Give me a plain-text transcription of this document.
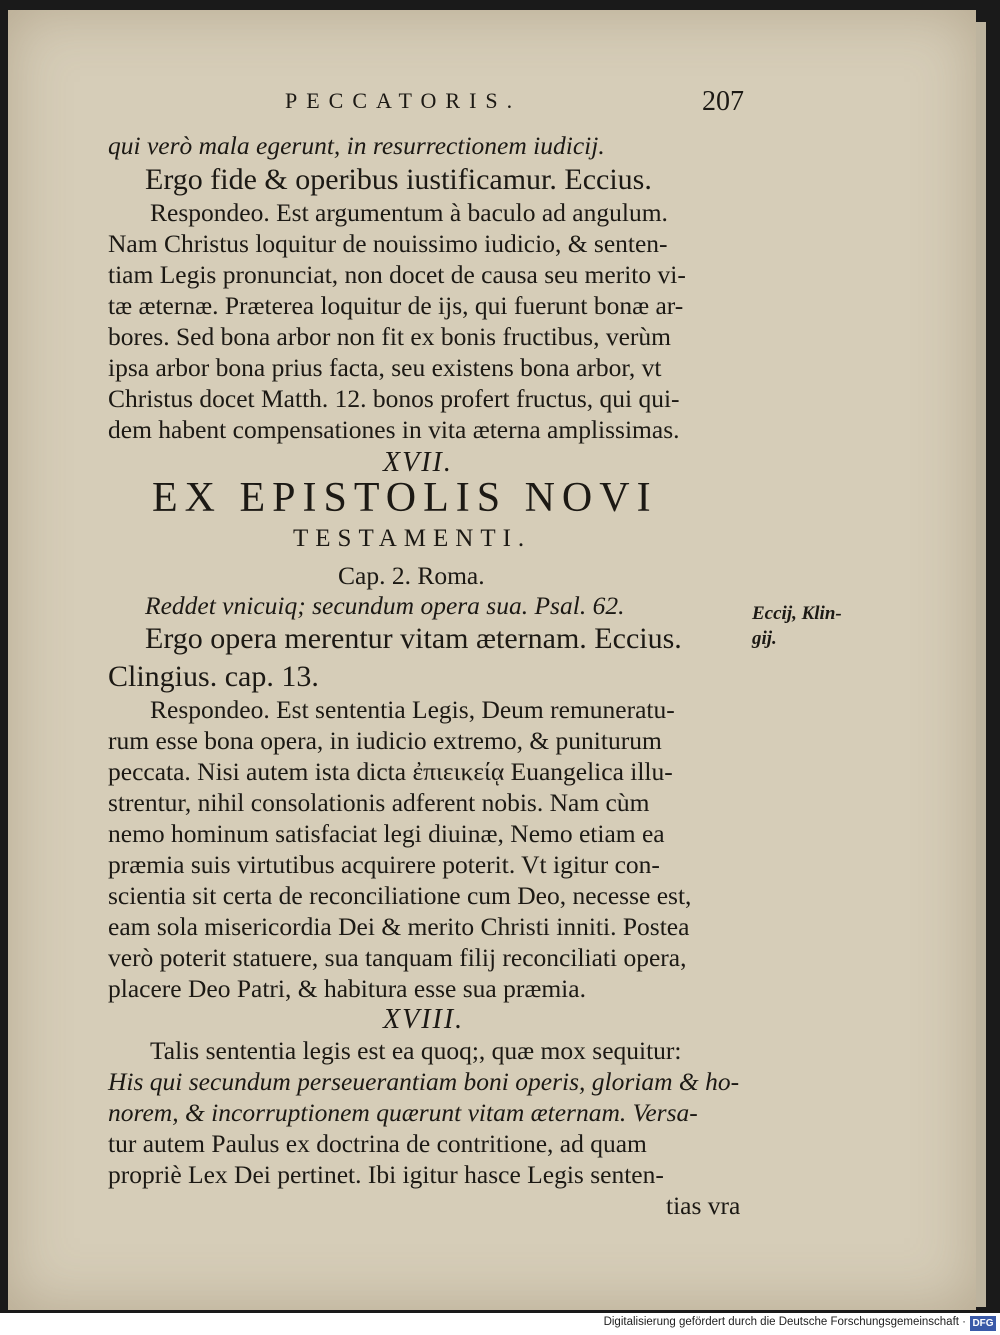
PECCATORIS.	207
qui verò mala egerunt, in resurrectionem iudicij.
Ergo fide & operibus iustificamur. Eccius.
Respondeo. Est argumentum à baculo ad angulum.
Nam Christus loquitur de nouissimo iudicio, & senten-
tiam Legis pronunciat, non docet de causa seu merito vi-
tæ æternæ. Præterea loquitur de ijs, qui fuerunt bonæ ar-
bores. Sed bona arbor non fit ex bonis fructibus, verùm
ipsa arbor bona prius facta, seu existens bona arbor, vt
Christus docet Matth. 12. bonos profert fructus, qui qui-
dem habent compensationes in vita æterna amplissimas.
XVII.
EX EPISTOLIS NOVI
TESTAMENTI.
Cap. 2. Roma.
Reddet vnicuiq; secundum opera sua. Psal. 62.
Ergo opera merentur vitam æternam. Eccius.
Clingius. cap. 13.
Respondeo. Est sententia Legis, Deum remuneratu-
rum esse bona opera, in iudicio extremo, & puniturum
peccata. Nisi autem ista dicta ἐπιεικείᾳ Euangelica illu-
strentur, nihil consolationis adferent nobis. Nam cùm
nemo hominum satisfaciat legi diuinæ, Nemo etiam ea
præmia suis virtutibus acquirere poterit. Vt igitur con-
scientia sit certa de reconciliatione cum Deo, necesse est,
eam sola misericordia Dei & merito Christi inniti. Postea
verò poterit statuere, sua tanquam filij reconciliati opera,
placere Deo Patri, & habitura esse sua præmia.
XVIII.
Talis sententia legis est ea quoq;, quæ mox sequitur:
His qui secundum perseuerantiam boni operis, gloriam & ho-
norem, & incorruptionem quærunt vitam æternam. Versa-
tur autem Paulus ex doctrina de contritione, ad quam
propriè Lex Dei pertinet. Ibi igitur hasce Legis senten-
tias vra
Eccij, Klin-
gij.
Digitalisierung gefördert durch die Deutsche Forschungsgemeinschaft · DFG
